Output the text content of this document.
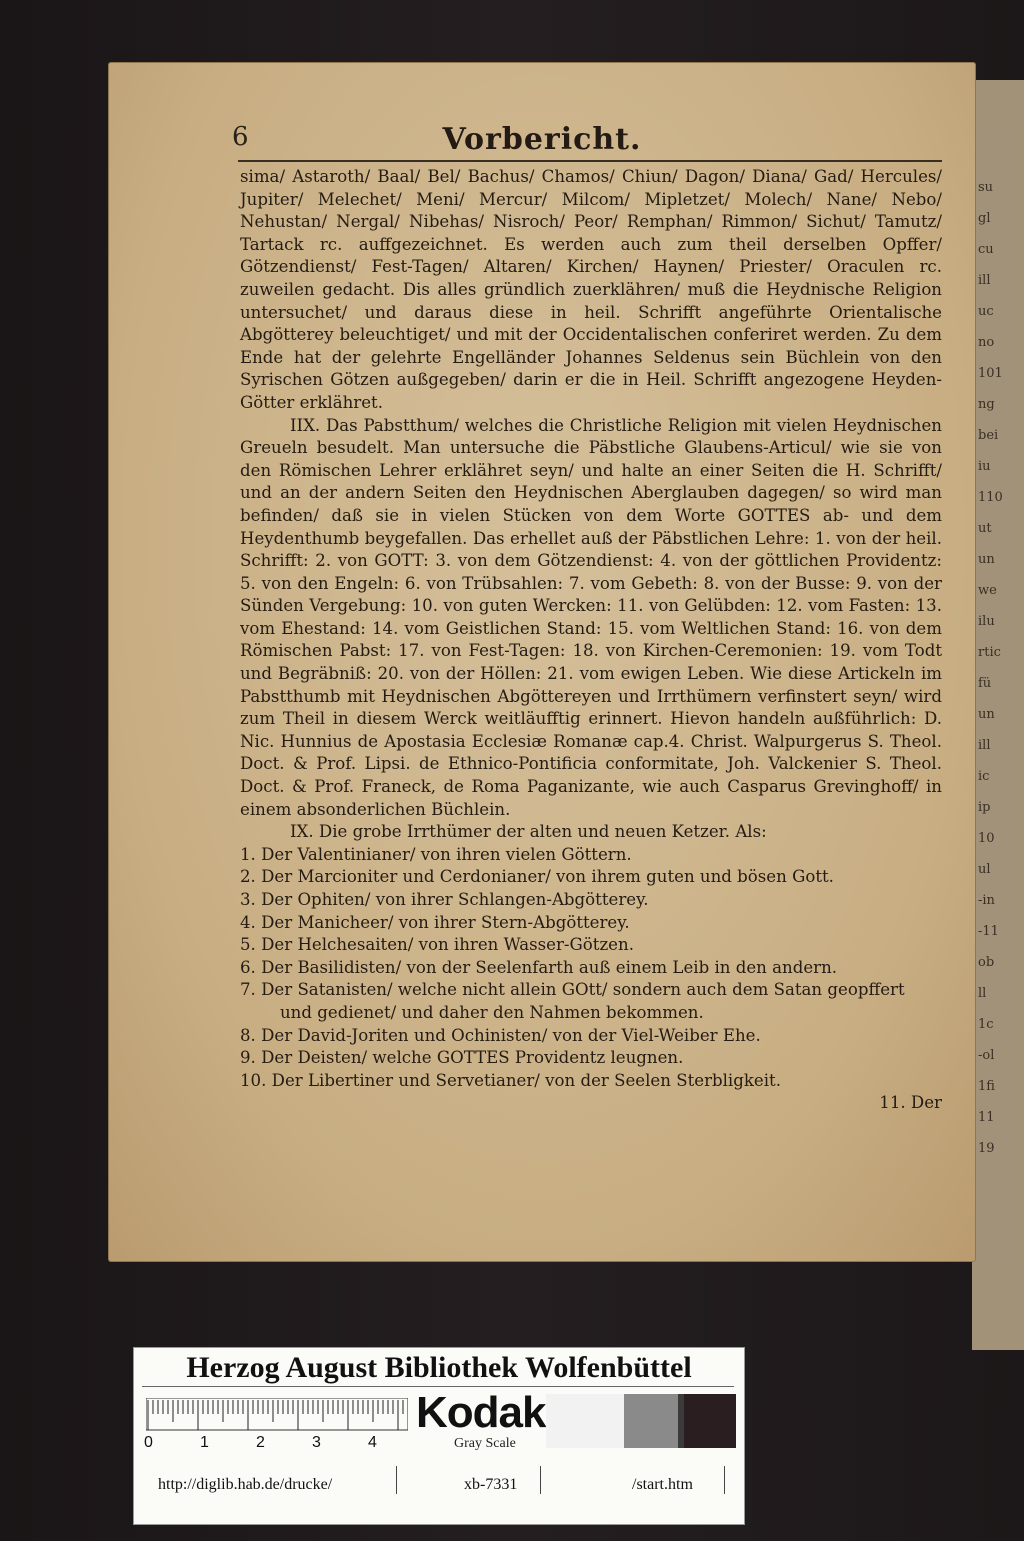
su
gl
cu
ill
uc
no
101
ng
bei
iu
110
ut
un
we
ilu
rtic
fü
un
ill
ic
ip
10
ul
-in
-11
ob
ll
1c
-ol
1fi
11
19
6	Vorbericht.

sima/ Astaroth/ Baal/ Bel/ Bachus/ Chamos/ Chiun/ Dagon/ Diana/ Gad/ Hercules/ Jupiter/ Melechet/ Meni/ Mercur/ Milcom/ Mipletzet/ Molech/ Nane/ Nebo/ Nehustan/ Nergal/ Nibehas/ Nisroch/ Peor/ Remphan/ Rimmon/ Sichut/ Tamutz/ Tartack rc. auffgezeichnet. Es werden auch zum theil derselben Opffer/ Götzendienst/ Fest-Tagen/ Altaren/ Kirchen/ Haynen/ Priester/ Oraculen rc. zuweilen gedacht. Dis alles gründlich zuerklähren/ muß die Heydnische Religion untersuchet/ und daraus diese in heil. Schrifft angeführte Orientalische Abgötterey beleuchtiget/ und mit der Occidentalischen conferiret werden. Zu dem Ende hat der gelehrte Engelländer Johannes Seldenus sein Büchlein von den Syrischen Götzen außgegeben/ darin er die in Heil. Schrifft angezogene Heyden-Götter erklähret.

IIX. Das Pabstthum/ welches die Christliche Religion mit vielen Heydnischen Greueln besudelt. Man untersuche die Päbstliche Glaubens-Articul/ wie sie von den Römischen Lehrer erklähret seyn/ und halte an einer Seiten die H. Schrifft/ und an der andern Seiten den Heydnischen Aberglauben dagegen/ so wird man befinden/ daß sie in vielen Stücken von dem Worte GOTTES ab- und dem Heydenthumb beygefallen. Das erhellet auß der Päbstlichen Lehre: 1. von der heil. Schrifft: 2. von GOTT: 3. von dem Götzendienst: 4. von der göttlichen Providentz: 5. von den Engeln: 6. von Trübsahlen: 7. vom Gebeth: 8. von der Busse: 9. von der Sünden Vergebung: 10. von guten Wercken: 11. von Gelübden: 12. vom Fasten: 13. vom Ehestand: 14. vom Geistlichen Stand: 15. vom Weltlichen Stand: 16. von dem Römischen Pabst: 17. von Fest-Tagen: 18. von Kirchen-Ceremonien: 19. vom Todt und Begräbniß: 20. von der Höllen: 21. vom ewigen Leben. Wie diese Artickeln im Pabstthumb mit Heydnischen Abgöttereyen und Irrthümern verfinstert seyn/ wird zum Theil in diesem Werck weitläufftig erinnert. Hievon handeln außführlich: D. Nic. Hunnius de Apostasia Ecclesiæ Romanæ cap.4. Christ. Walpurgerus S. Theol. Doct. & Prof. Lipsi. de Ethnico-Pontificia conformitate, Joh. Valckenier S. Theol. Doct. & Prof. Franeck, de Roma Paganizante, wie auch Casparus Grevinghoff/ in einem absonderlichen Büchlein.

IX. Die grobe Irrthümer der alten und neuen Ketzer. Als:

1. Der Valentinianer/ von ihren vielen Göttern.
2. Der Marcioniter und Cerdonianer/ von ihrem guten und bösen Gott.
3. Der Ophiten/ von ihrer Schlangen-Abgötterey.
4. Der Manicheer/ von ihrer Stern-Abgötterey.
5. Der Helchesaiten/ von ihren Wasser-Götzen.
6. Der Basilidisten/ von der Seelenfarth auß einem Leib in den andern.
7. Der Satanisten/ welche nicht allein GOtt/ sondern auch dem Satan geopffert
und gedienet/ und daher den Nahmen bekommen.
8. Der David-Joriten und Ochinisten/ von der Viel-Weiber Ehe.
9. Der Deisten/ welche GOTTES Providentz leugnen.
10. Der Libertiner und Servetianer/ von der Seelen Sterbligkeit.

11. Der

Herzog August Bibliothek Wolfenbüttel
0	1	2	3	4
Kodak
Gray Scale
http://diglib.hab.de/drucke/	xb-7331	/start.htm
